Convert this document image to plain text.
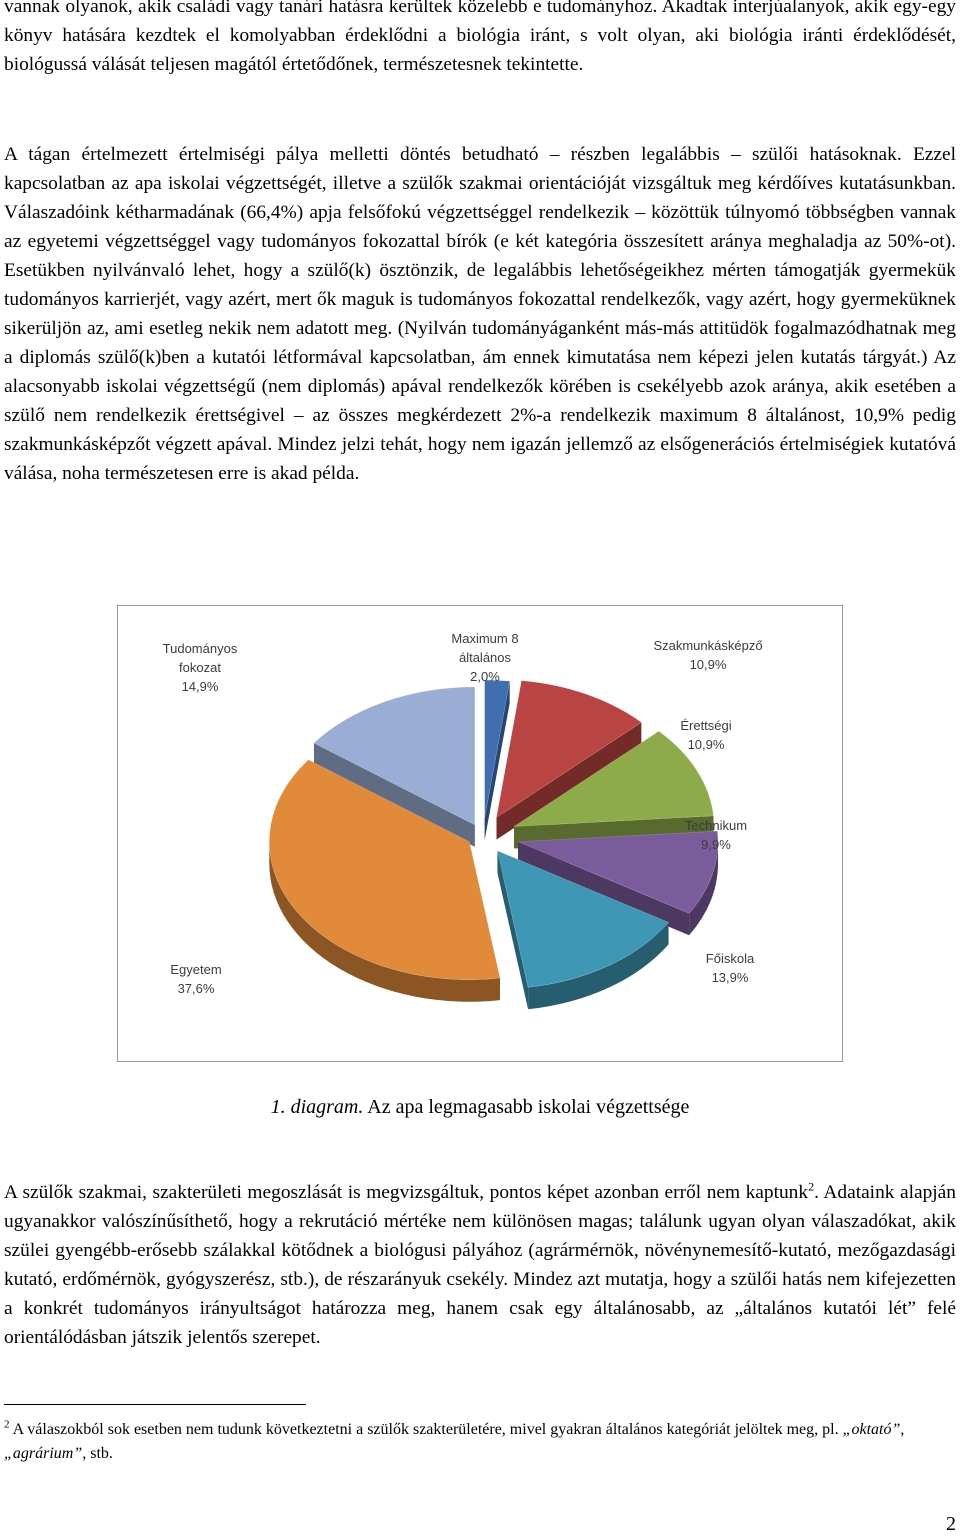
vannak olyanok, akik családi vagy tanári hatásra kerültek közelebb e tudományhoz. Akadtak interjúalanyok, akik egy-egy könyv hatására kezdtek el komolyabban érdeklődni a biológia iránt, s volt olyan, aki biológia iránti érdeklődését, biológussá válását teljesen magától értetődőnek, természetesnek tekintette.

A tágan értelmezett értelmiségi pálya melletti döntés betudható – részben legalábbis – szülői hatásoknak. Ezzel kapcsolatban az apa iskolai végzettségét, illetve a szülők szakmai orientációját vizsgáltuk meg kérdőíves kutatásunkban. Válaszadóink kétharmadának (66,4%) apja felsőfokú végzettséggel rendelkezik – közöttük túlnyomó többségben vannak az egyetemi végzettséggel vagy tudományos fokozattal bírók (e két kategória összesített aránya meghaladja az 50%-ot). Esetükben nyilvánvaló lehet, hogy a szülő(k) ösztönzik, de legalábbis lehetőségeikhez mérten támogatják gyermekük tudományos karrierjét, vagy azért, mert ők maguk is tudományos fokozattal rendelkezők, vagy azért, hogy gyermeküknek sikerüljön az, ami esetleg nekik nem adatott meg. (Nyilván tudományáganként más-más attitüdök fogalmazódhatnak meg a diplomás szülő(k)ben a kutatói létformával kapcsolatban, ám ennek kimutatása nem képezi jelen kutatás tárgyát.) Az alacsonyabb iskolai végzettségű (nem diplomás) apával rendelkezők körében is csekélyebb azok aránya, akik esetében a szülő nem rendelkezik érettségivel – az összes megkérdezett 2%-a rendelkezik maximum 8 általánost, 10,9% pedig szakmunkásképzőt végzett apával. Mindez jelzi tehát, hogy nem igazán jellemző az elsőgenerációs értelmiségiek kutatóvá válása, noha természetesen erre is akad példa.

Maximum 8
általános
2,0%
Szakmunkásképző
10,9%
Érettségi
10,9%
Technikum
9,9%
Főiskola
13,9%
Egyetem
37,6%
Tudományos
fokozat
14,9%
1. diagram. Az apa legmagasabb iskolai végzettsége

A szülők szakmai, szakterületi megoszlását is megvizsgáltuk, pontos képet azonban erről nem kaptunk$^2$. Adataink alapján ugyanakkor valószínűsíthető, hogy a rekrutáció mértéke nem különösen magas; találunk ugyan olyan válaszadókat, akik szülei gyengébb-erősebb szálakkal kötődnek a biológusi pályához (agrármérnök, növénynemesítő-kutató, mezőgazdasági kutató, erdőmérnök, gyógyszerész, stb.), de részarányuk csekély. Mindez azt mutatja, hogy a szülői hatás nem kifejezetten a konkrét tudományos irányultságot határozza meg, hanem csak egy általánosabb, az „általános kutatói lét” felé orientálódásban játszik jelentős szerepet.

$^2$ A válaszokból sok esetben nem tudunk következtetni a szülők szakterületére, mivel gyakran általános kategóriát jelöltek meg, pl. „oktató”, „agrárium”, stb.
2
